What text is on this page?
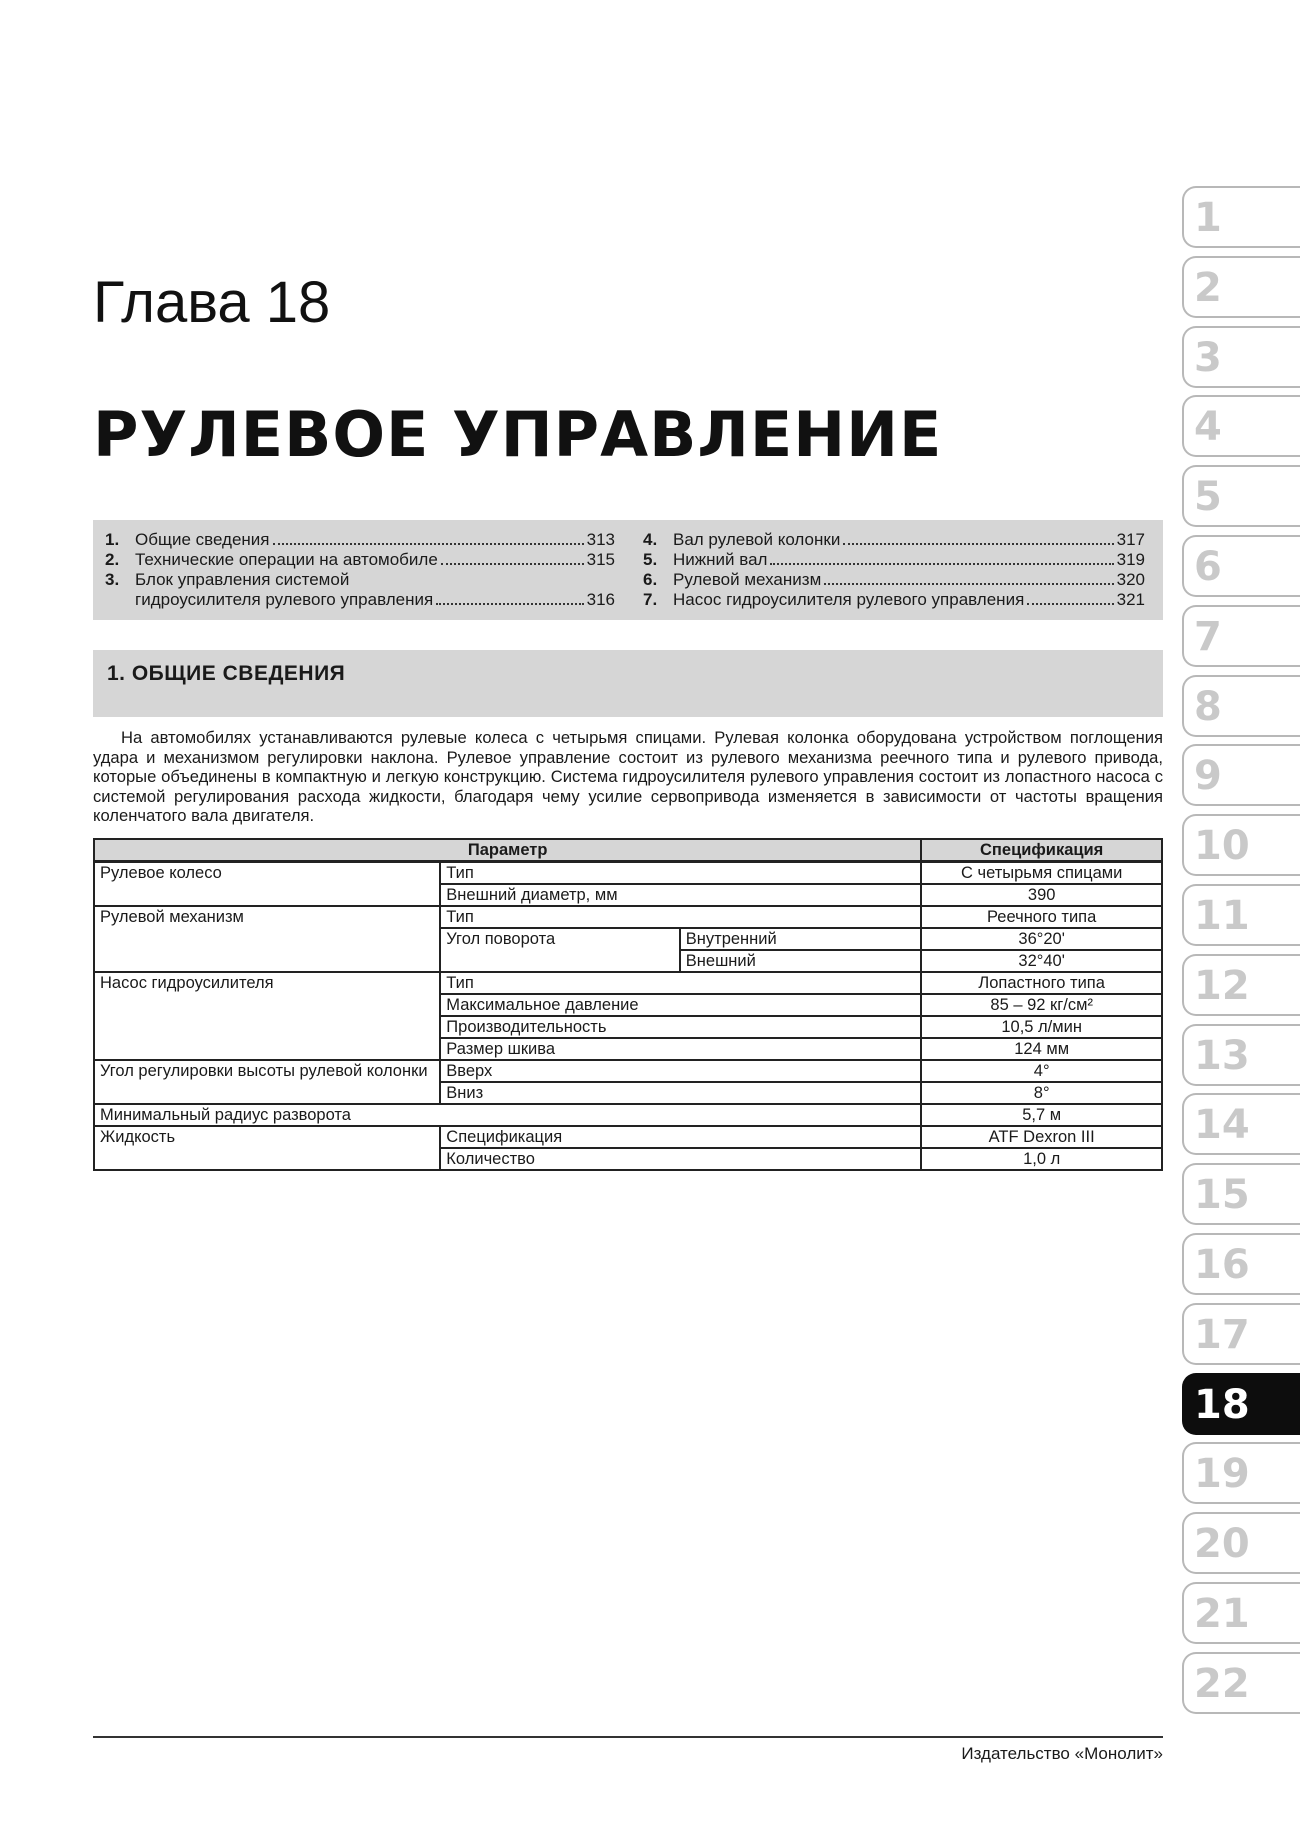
Глава 18
РУЛЕВОЕ УПРАВЛЕНИЕ
1. Общие сведения	313
2. Технические операции на автомобиле	315
3. Блок управления системой
гидроусилителя рулевого управления	316
4. Вал рулевой колонки	317
5. Нижний вал	319
6. Рулевой механизм	320
7. Насос гидроусилителя рулевого управления	321
1. ОБЩИЕ СВЕДЕНИЯ

На автомобилях устанавливаются рулевые колеса с четырьмя спицами. Рулевая колонка оборудована устройством поглощения удара и механизмом регулировки наклона. Рулевое управление состоит из рулевого механизма реечного типа и рулевого привода, которые объединены в компактную и легкую конструкцию. Система гидроусилителя рулевого управления состоит из лопастного насоса с системой регулирования расхода жидкости, благодаря чему усилие сервопривода изменяется в зависимости от частоты вращения коленчатого вала двигателя.

Параметр			Спецификация
Рулевое колесо	Тип		С четырьмя спицами
	Внешний диаметр, мм		390
Рулевой механизм	Тип		Реечного типа
	Угол поворота	Внутренний	36°20'
		Внешний	32°40'
Насос гидроусилителя	Тип		Лопастного типа
	Максимальное давление		85 – 92 кг/см²
	Производительность		10,5 л/мин
	Размер шкива		124 мм
Угол регулировки высоты рулевой колонки	Вверх		4°
	Вниз		8°
Минимальный радиус разворота			5,7 м
Жидкость	Спецификация		ATF Dexron III
	Количество		1,0 л
Издательство «Монолит»
1
2
3
4
5
6
7
8
9
10
11
12
13
14
15
16
17
18
19
20
21
22
